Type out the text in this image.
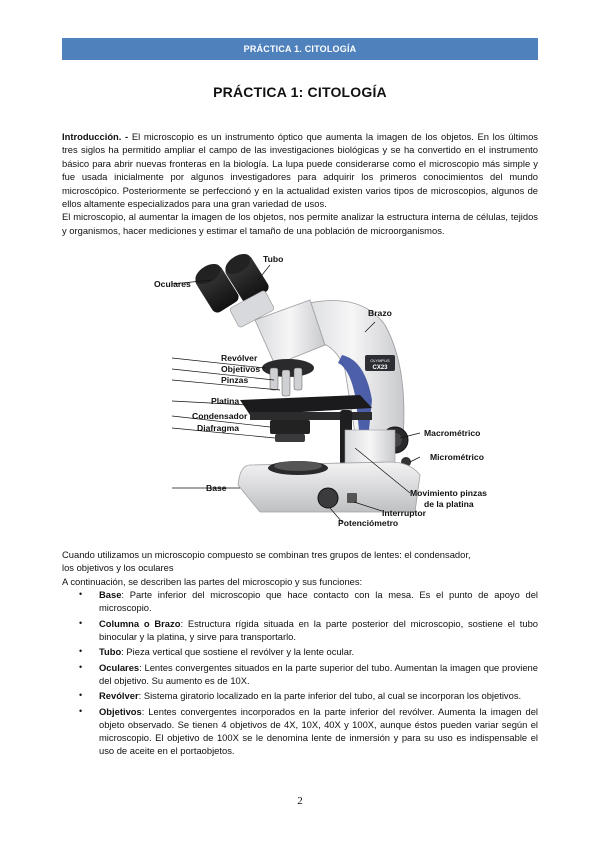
PRÁCTICA 1. CITOLOGÍA
PRÁCTICA 1: CITOLOGÍA

Introducción. - El microscopio es un instrumento óptico que aumenta la imagen de los objetos. En los últimos tres siglos ha permitido ampliar el campo de las investigaciones biológicas y se ha convertido en el instrumento básico para abrir nuevas fronteras en la biología. La lupa puede considerarse como el microscopio más simple y fue usada inicialmente por algunos investigadores para adquirir los primeros conocimientos del mundo microscópico. Posteriormente se perfeccionó y en la actualidad existen varios tipos de microscopios, algunos de ellos altamente especializados para una gran variedad de usos.

El microscopio, al aumentar la imagen de los objetos, nos permite analizar la estructura interna de células, tejidos y organismos, hacer mediciones y estimar el tamaño de una población de microorganismos.

OLYMPUS
CX23
Oculares
Tubo
Brazo
Revólver
Objetivos
Pinzas
Platina
Condensador
Diafragma	Macrométrico
Micrométrico
Base	Movimiento pinzas
de la platina
Interruptor
Potenciómetro

Cuando utilizamos un microscopio compuesto se combinan tres grupos de lentes: el condensador,

los objetivos y los oculares

A continuación, se describen las partes del microscopio y sus funciones:

• Base: Parte inferior del microscopio que hace contacto con la mesa. Es el punto de apoyo del microscopio.
• Columna o Brazo: Estructura rígida situada en la parte posterior del microscopio, sostiene el tubo binocular y la platina, y sirve para transportarlo.
• Tubo: Pieza vertical que sostiene el revólver y la lente ocular.
• Oculares: Lentes convergentes situados en la parte superior del tubo. Aumentan la imagen que proviene del objetivo. Su aumento es de 10X.
• Revólver: Sistema giratorio localizado en la parte inferior del tubo, al cual se incorporan los objetivos.
• Objetivos: Lentes convergentes incorporados en la parte inferior del revólver. Aumenta la imagen del objeto observado. Se tienen 4 objetivos de 4X, 10X, 40X y 100X, aunque éstos pueden variar según el microscopio. El objetivo de 100X se le denomina lente de inmersión y para su uso es indispensable el uso de aceite en el portaobjetos.
2
